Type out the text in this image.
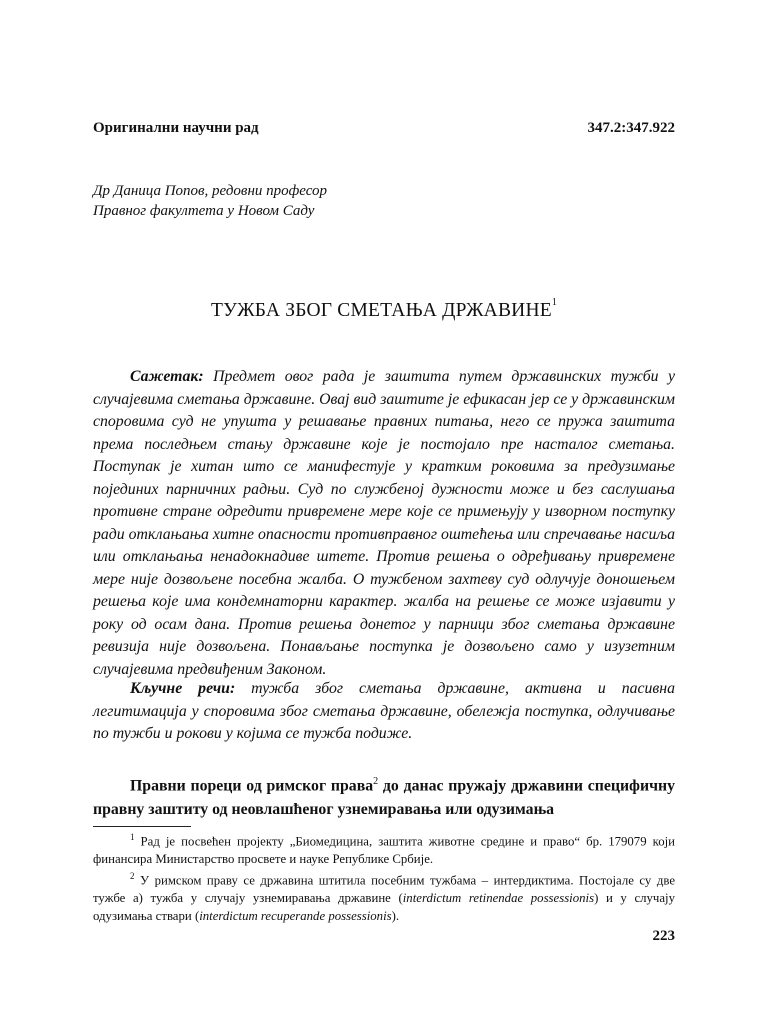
Оригинални научни рад	347.2:347.922
Др Даница Попов, редовни професор
Правног факултета у Новом Саду
ТУЖБА ЗБОГ СМЕТАЊА ДРЖАВИНЕ$^1$
Сажетак: Предмет овог рада је заштита путем државинских тужби у случајевима сметања државине. Овај вид заштите је ефикасан јер се у државинским споровима суд не упушта у решавање правних питања, него се пружа заштита према последњем стању државине које је постојало пре насталог сметања. Поступак је хитан што се манифестује у кратким роковима за предузимање појединих парничних радњи. Суд по службеној дужности може и без саслушања противне стране одредити привремене мере које се примењују у изворном поступку ради отклањања хитне опасности противправног оштећења или спречавање насиља или отклањања ненадокнадиве штете. Против решења о одређивању привремене мере није дозвољене посебна жалба. О тужбеном захтеву суд одлучује доношењем решења које има кондемнаторни карактер. жалба на решење се може изјавити у року од осам дана. Против решења донетог у парници због сметања државине ревизија није дозвољена. Понављање поступка је дозвољено само у изузетним случајевима предвиђеним Законом.
Кључне речи: тужба због сметања државине, активна и пасивна легитимација у споровима због сметања државине, обележја поступка, одлучивање по тужби и рокови у којима се тужба подиже.
Правни пореци од римског права$^2$ до данас пружају државини специфичну правну заштиту од неовлашћеног узнемиравања или одузимања

$^1$ Рад је посвећен пројекту „Биомедицина, заштита животне средине и право“ бр. 179079 који финансира Министарство просвете и науке Републике Србије.

$^2$ У римском праву се државина штитила посебним тужбама – интердиктима. Постојале су две тужбе а) тужба у случају узнемиравања државине (interdictum retinendae possessionis) и у случају одузимања ствари (interdictum recuperande possessionis).

223
